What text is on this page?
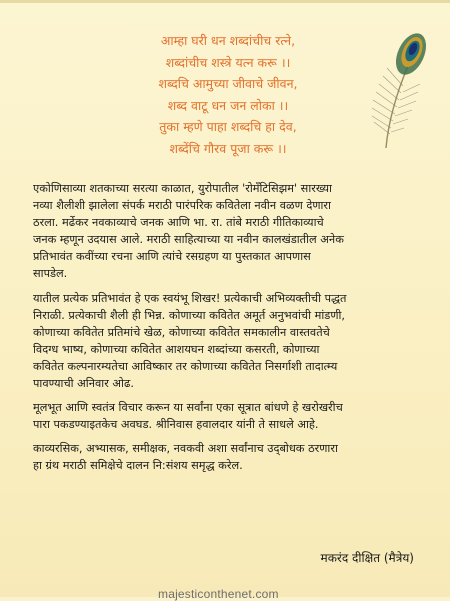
आम्हा घरी धन शब्दांचीच रत्ने,
शब्दांचीच शस्त्रे यत्न करू ।।
शब्दचि आमुच्या जीवाचे जीवन,
शब्द वाटू धन जन लोका ।।
तुका म्हणे पाहा शब्दचि हा देव,
शब्देंचि गौरव पूजा करू ।।

एकोणिसाव्या शतकाच्या सरत्या काळात, युरोपातील 'रोमॅंटिसिझम' सारख्या
नव्या शैलीशी झालेला संपर्क मराठी पारंपरिक कवितेला नवीन वळण देणारा
ठरला. मर्ढेकर नवकाव्याचे जनक आणि भा. रा. तांबे मराठी गीतिकाव्याचे
जनक म्हणून उदयास आले. मराठी साहित्याच्या या नवीन कालखंडातील अनेक
प्रतिभावंत कवींच्या रचना आणि त्यांचे रसग्रहण या पुस्तकात आपणास
सापडेल.

यातील प्रत्येक प्रतिभावंत हे एक स्वयंभू शिखर! प्रत्येकाची अभिव्यक्तीची पद्धत
निराळी. प्रत्येकाची शैली ही भिन्न. कोणाच्या कवितेत अमूर्त अनुभवांची मांडणी,
कोणाच्या कवितेत प्रतिमांचे खेळ, कोणाच्या कवितेत समकालीन वास्तवतेचे
विदग्ध भाष्य, कोणाच्या कवितेत आशयघन शब्दांच्या कसरती, कोणाच्या
कवितेत कल्पनारम्यतेचा आविष्कार तर कोणाच्या कवितेत निसर्गाशी तादात्म्य
पावण्याची अनिवार ओढ.

मूलभूत आणि स्वतंत्र विचार करून या सर्वांना एका सूत्रात बांधणे हे खरोखरीच
पारा पकडण्याइतकेच अवघड. श्रीनिवास हवालदार यांनी ते साधले आहे.

काव्यरसिक, अभ्यासक, समीक्षक, नवकवी अशा सर्वांनाच उद्‌बोधक ठरणारा
हा ग्रंथ मराठी समिक्षेचे दालन नि:संशय समृद्ध करेल.

मकरंद दीक्षित (मैत्रेय)
majesticonthenet.com
